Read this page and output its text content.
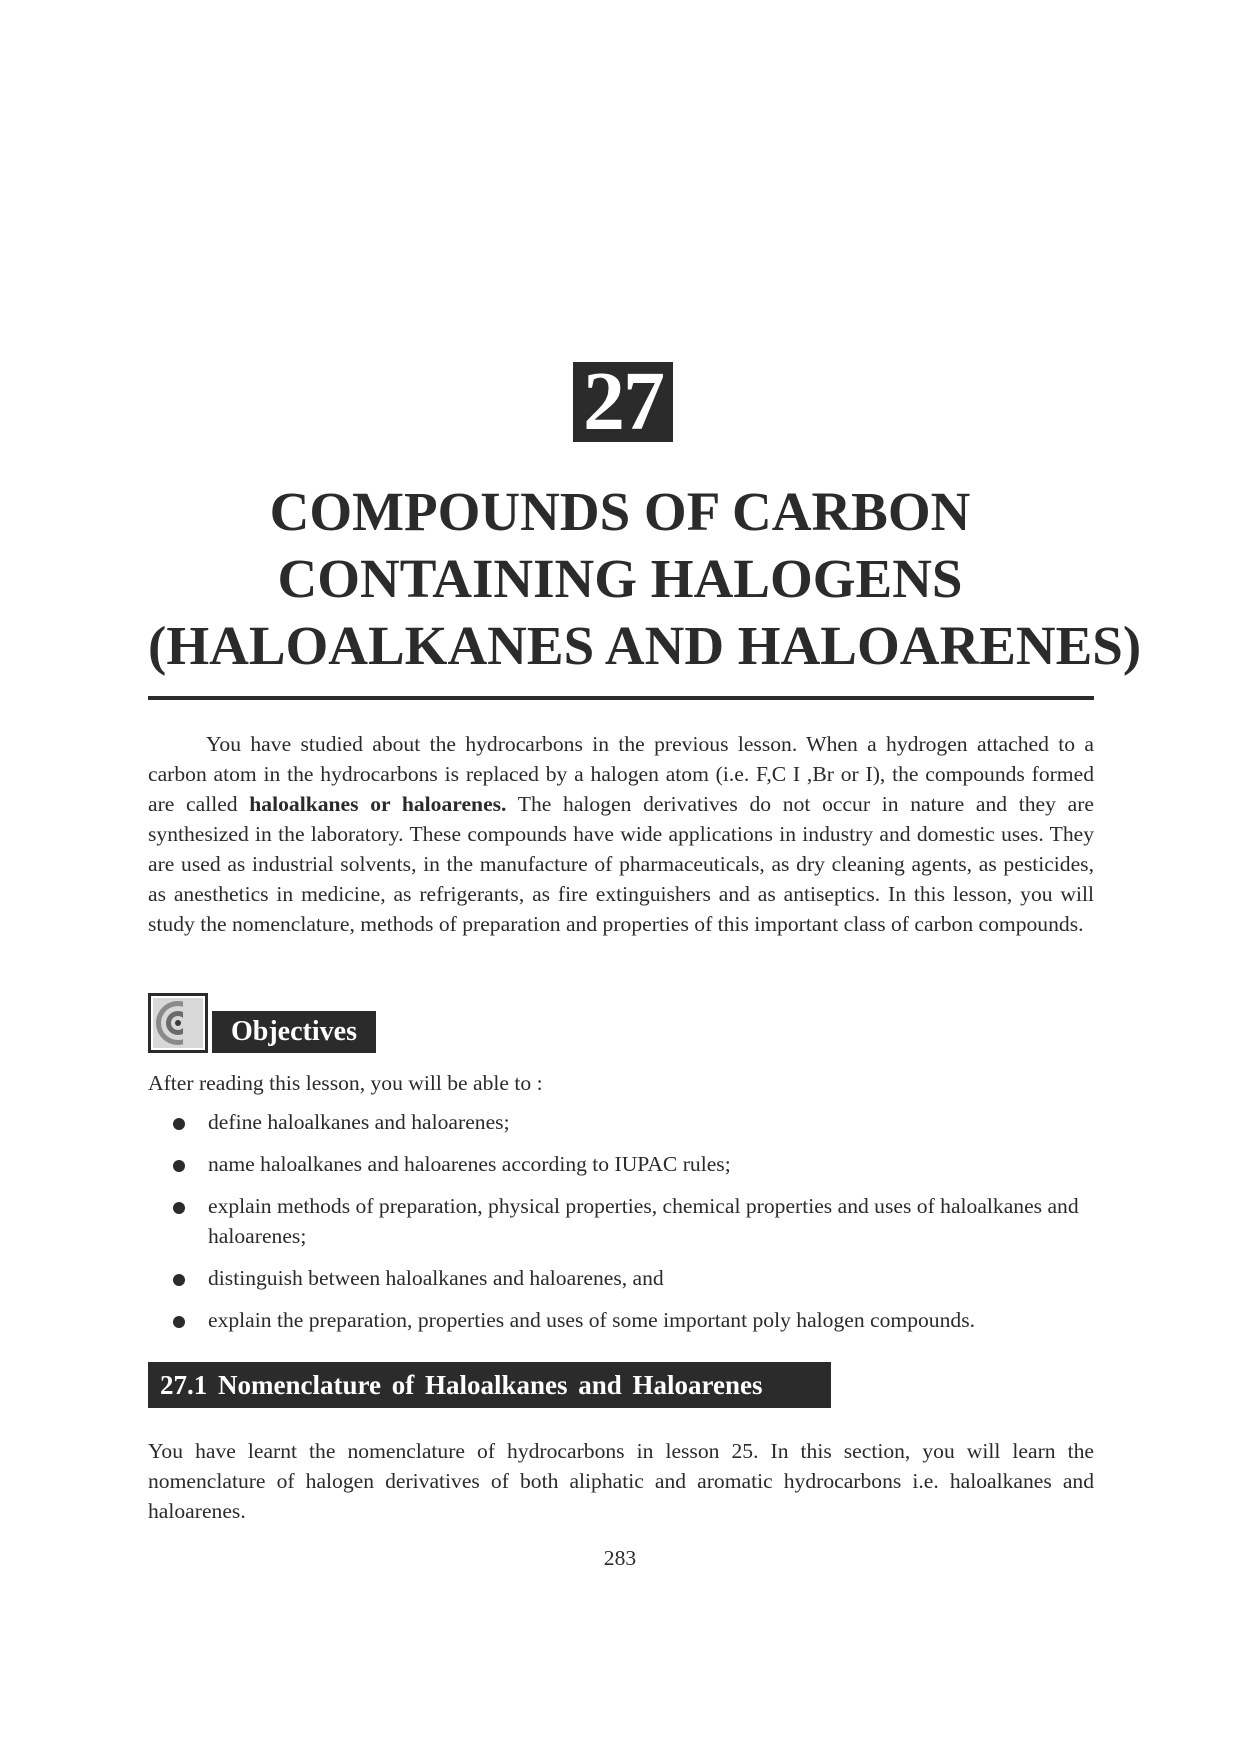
27
COMPOUNDS OF CARBON
CONTAINING HALOGENS
(HALOALKANES AND HALOARENES)

You have studied about the hydrocarbons in the previous lesson. When a hydrogen attached to a carbon atom in the hydrocarbons is replaced by a halogen atom (i.e. F,C I ,Br or I), the compounds formed are called haloalkanes or haloarenes. The halogen derivatives do not occur in nature and they are synthesized in the laboratory. These compounds have wide applications in industry and domestic uses. They are used as industrial solvents, in the manufacture of pharmaceuticals, as dry cleaning agents, as pesticides, as anesthetics in medicine, as refrigerants, as fire extinguishers and as antiseptics. In this lesson, you will study the nomenclature, methods of preparation and properties of this important class of carbon compounds.

Objectives
After reading this lesson, you will be able to :
define haloalkanes and haloarenes;
name haloalkanes and haloarenes according to IUPAC rules;
explain methods of preparation, physical properties, chemical properties and uses of haloalkanes and haloarenes;
distinguish between haloalkanes and haloarenes, and
explain the preparation, properties and uses of some important poly halogen compounds.
27.1 Nomenclature of Haloalkanes and Haloarenes

You have learnt the nomenclature of hydrocarbons in lesson 25. In this section, you will learn the nomenclature of halogen derivatives of both aliphatic and aromatic hydrocarbons i.e. haloalkanes and haloarenes.

283
